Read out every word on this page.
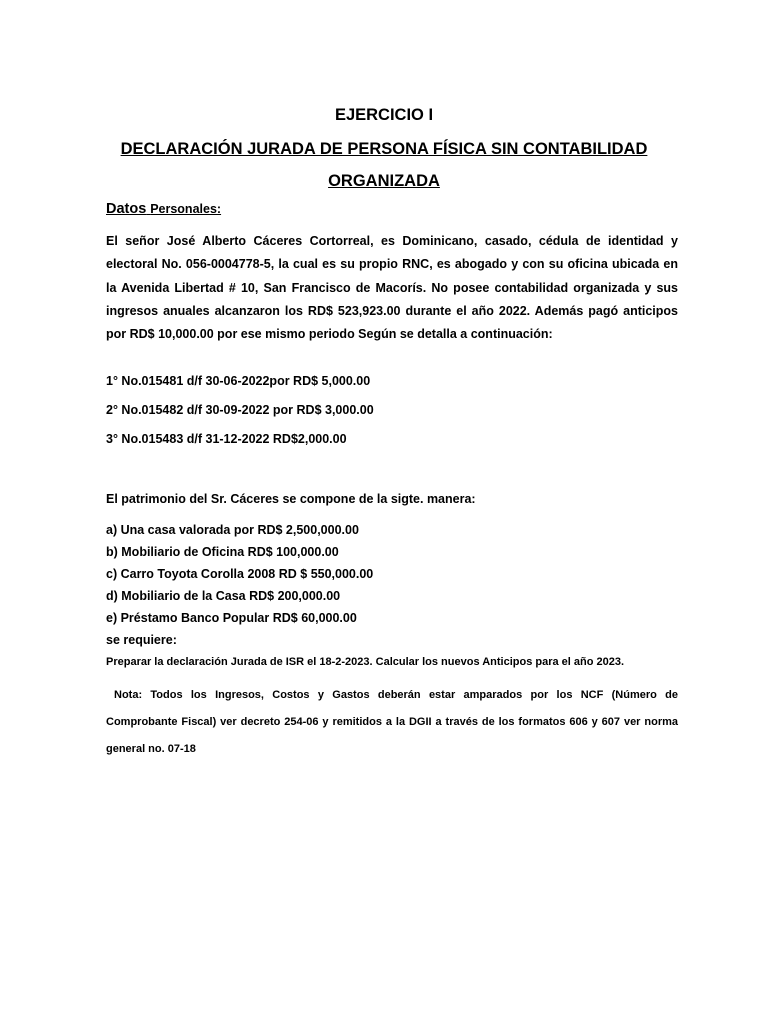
EJERCICIO I
DECLARACIÓN JURADA DE PERSONA FÍSICA SIN CONTABILIDAD
ORGANIZADA
Datos Personales:

El señor José Alberto Cáceres Cortorreal, es Dominicano, casado, cédula de identidad y electoral No. 056-0004778-5, la cual es su propio RNC, es abogado y con su oficina ubicada en la Avenida Libertad # 10, San Francisco de Macorís. No posee contabilidad organizada y sus ingresos anuales alcanzaron los RD$ 523,923.00 durante el año 2022. Además pagó anticipos por RD$ 10,000.00 por ese mismo periodo Según se detalla a continuación:

1° No.015481 d/f 30-06-2022por RD$ 5,000.00
2° No.015482 d/f 30-09-2022 por RD$ 3,000.00
3° No.015483 d/f 31-12-2022 RD$2,000.00
El patrimonio del Sr. Cáceres se compone de la sigte. manera:
a) Una casa valorada por RD$ 2,500,000.00
b) Mobiliario de Oficina RD$ 100,000.00
c) Carro Toyota Corolla 2008 RD $ 550,000.00
d) Mobiliario de la Casa RD$ 200,000.00
e) Préstamo Banco Popular RD$ 60,000.00
se requiere:
Preparar la declaración Jurada de ISR el 18-2-2023. Calcular los nuevos Anticipos para el año 2023.

Nota: Todos los Ingresos, Costos y Gastos deberán estar amparados por los NCF (Número de Comprobante Fiscal) ver decreto 254-06 y remitidos a la DGII a través de los formatos 606 y 607 ver norma general no. 07-18
